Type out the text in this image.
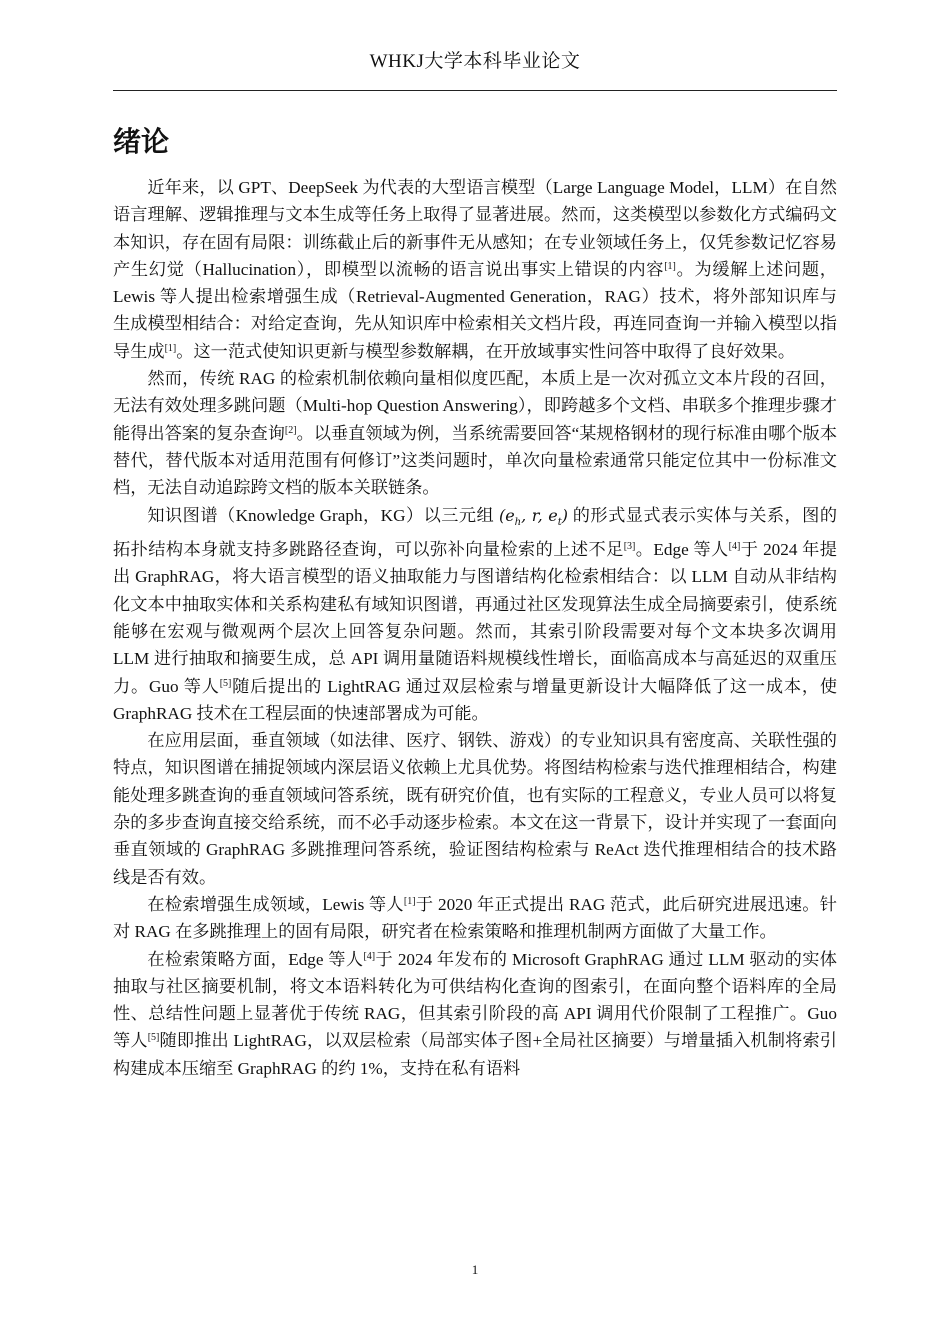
WHKJ大学本科毕业论文
绪论

近年来，以 GPT、DeepSeek 为代表的大型语言模型（Large Language Model，LLM）在自然语言理解、逻辑推理与文本生成等任务上取得了显著进展。然而，这类模型以参数化方式编码文本知识，存在固有局限：训练截止后的新事件无从感知；在专业领域任务上，仅凭参数记忆容易产生幻觉（Hallucination），即模型以流畅的语言说出事实上错误的内容[1]。为缓解上述问题，Lewis 等人提出检索增强生成（Retrieval-Augmented Generation，RAG）技术，将外部知识库与生成模型相结合：对给定查询，先从知识库中检索相关文档片段，再连同查询一并输入模型以指导生成[1]。这一范式使知识更新与模型参数解耦，在开放域事实性问答中取得了良好效果。

然而，传统 RAG 的检索机制依赖向量相似度匹配，本质上是一次对孤立文本片段的召回，无法有效处理多跳问题（Multi-hop Question Answering），即跨越多个文档、串联多个推理步骤才能得出答案的复杂查询[2]。以垂直领域为例，当系统需要回答“某规格钢材的现行标准由哪个版本替代，替代版本对适用范围有何修订”这类问题时，单次向量检索通常只能定位其中一份标准文档，无法自动追踪跨文档的版本关联链条。

知识图谱（Knowledge Graph，KG）以三元组 ($e_h$, r, $e_t$) 的形式显式表示实体与关系，图的拓扑结构本身就支持多跳路径查询，可以弥补向量检索的上述不足[3]。Edge 等人[4]于 2024 年提出 GraphRAG，将大语言模型的语义抽取能力与图谱结构化检索相结合：以 LLM 自动从非结构化文本中抽取实体和关系构建私有域知识图谱，再通过社区发现算法生成全局摘要索引，使系统能够在宏观与微观两个层次上回答复杂问题。然而，其索引阶段需要对每个文本块多次调用 LLM 进行抽取和摘要生成，总 API 调用量随语料规模线性增长，面临高成本与高延迟的双重压力。Guo 等人[5]随后提出的 LightRAG 通过双层检索与增量更新设计大幅降低了这一成本，使 GraphRAG 技术在工程层面的快速部署成为可能。

在应用层面，垂直领域（如法律、医疗、钢铁、游戏）的专业知识具有密度高、关联性强的特点，知识图谱在捕捉领域内深层语义依赖上尤具优势。将图结构检索与迭代推理相结合，构建能处理多跳查询的垂直领域问答系统，既有研究价值，也有实际的工程意义，专业人员可以将复杂的多步查询直接交给系统，而不必手动逐步检索。本文在这一背景下，设计并实现了一套面向垂直领域的 GraphRAG 多跳推理问答系统，验证图结构检索与 ReAct 迭代推理相结合的技术路线是否有效。

在检索增强生成领域，Lewis 等人[1]于 2020 年正式提出 RAG 范式，此后研究进展迅速。针对 RAG 在多跳推理上的固有局限，研究者在检索策略和推理机制两方面做了大量工作。

在检索策略方面，Edge 等人[4]于 2024 年发布的 Microsoft GraphRAG 通过 LLM 驱动的实体抽取与社区摘要机制，将文本语料转化为可供结构化查询的图索引，在面向整个语料库的全局性、总结性问题上显著优于传统 RAG，但其索引阶段的高 API 调用代价限制了工程推广。Guo 等人[5]随即推出 LightRAG，以双层检索（局部实体子图+全局社区摘要）与增量插入机制将索引构建成本压缩至 GraphRAG 的约 1%，支持在私有语料

1
